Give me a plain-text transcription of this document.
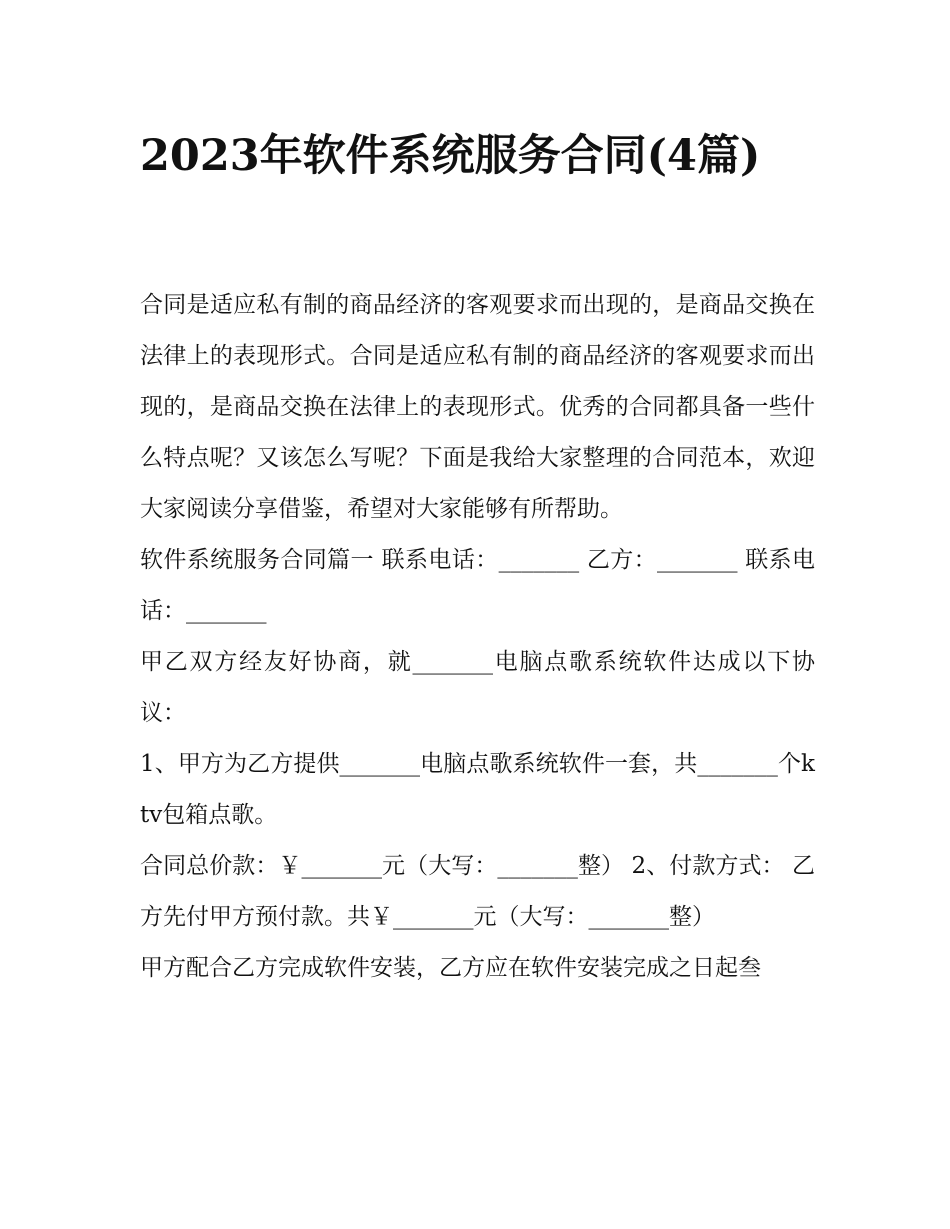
2023年软件系统服务合同(4篇)

合同是适应私有制的商品经济的客观要求而出现的，是商品交换在法律上的表现形式。合同是适应私有制的商品经济的客观要求而出现的，是商品交换在法律上的表现形式。优秀的合同都具备一些什么特点呢？又该怎么写呢？下面是我给大家整理的合同范本，欢迎大家阅读分享借鉴，希望对大家能够有所帮助。

软件系统服务合同篇一 联系电话：_______ 乙方：_______ 联系电话：_______

甲乙双方经友好协商，就_______电脑点歌系统软件达成以下协议：

1、甲方为乙方提供_______电脑点歌系统软件一套，共_______个ktv包箱点歌。

合同总价款：￥_______元（大写：_______整） 2、付款方式： 乙方先付甲方预付款。共￥_______元（大写：_______整）

甲方配合乙方完成软件安装，乙方应在软件安装完成之日起叁
